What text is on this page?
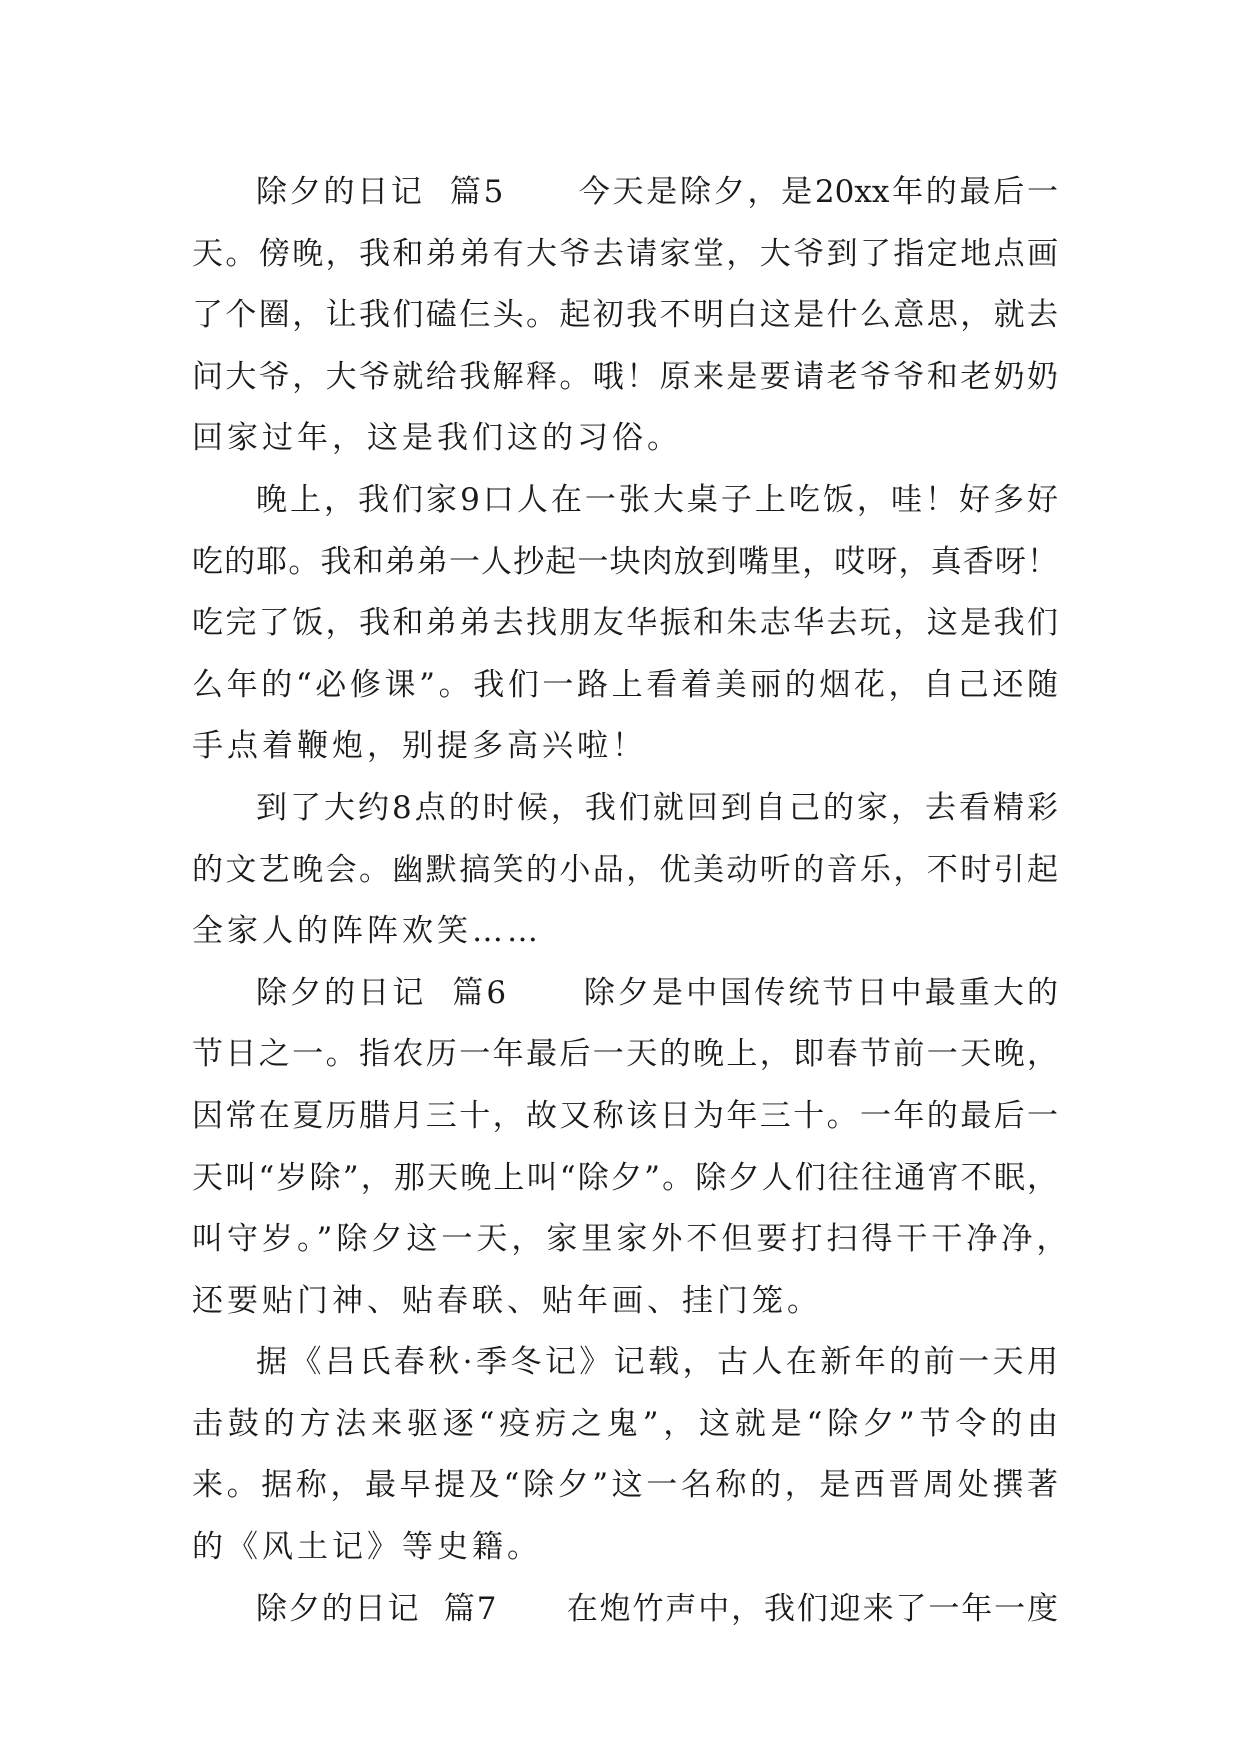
除夕的日记  篇5      今天是除夕，是20xx年的最后一
天。傍晚，我和弟弟有大爷去请家堂，大爷到了指定地点画
了个圈，让我们磕仨头。起初我不明白这是什么意思，就去
问大爷，大爷就给我解释。哦！原来是要请老爷爷和老奶奶
回家过年，这是我们这的习俗。
晚上，我们家9口人在一张大桌子上吃饭，哇！好多好
吃的耶。我和弟弟一人抄起一块肉放到嘴里，哎呀，真香呀！
吃完了饭，我和弟弟去找朋友华振和朱志华去玩，这是我们
么年的“必修课”。我们一路上看着美丽的烟花，自己还随
手点着鞭炮，别提多高兴啦！
到了大约8点的时候，我们就回到自己的家，去看精彩
的文艺晚会。幽默搞笑的小品，优美动听的音乐，不时引起
全家人的阵阵欢笑……
除夕的日记  篇6      除夕是中国传统节日中最重大的
节日之一。指农历一年最后一天的晚上，即春节前一天晚，
因常在夏历腊月三十，故又称该日为年三十。一年的最后一
天叫“岁除”，那天晚上叫“除夕”。除夕人们往往通宵不眠，
叫守岁。”除夕这一天，家里家外不但要打扫得干干净净，
还要贴门神、贴春联、贴年画、挂门笼。
据《吕氏春秋·季冬记》记载，古人在新年的前一天用
击鼓的方法来驱逐“疫疠之鬼”，这就是“除夕”节令的由
来。据称，最早提及“除夕”这一名称的，是西晋周处撰著
的《风土记》等史籍。
除夕的日记  篇7      在炮竹声中，我们迎来了一年一度
